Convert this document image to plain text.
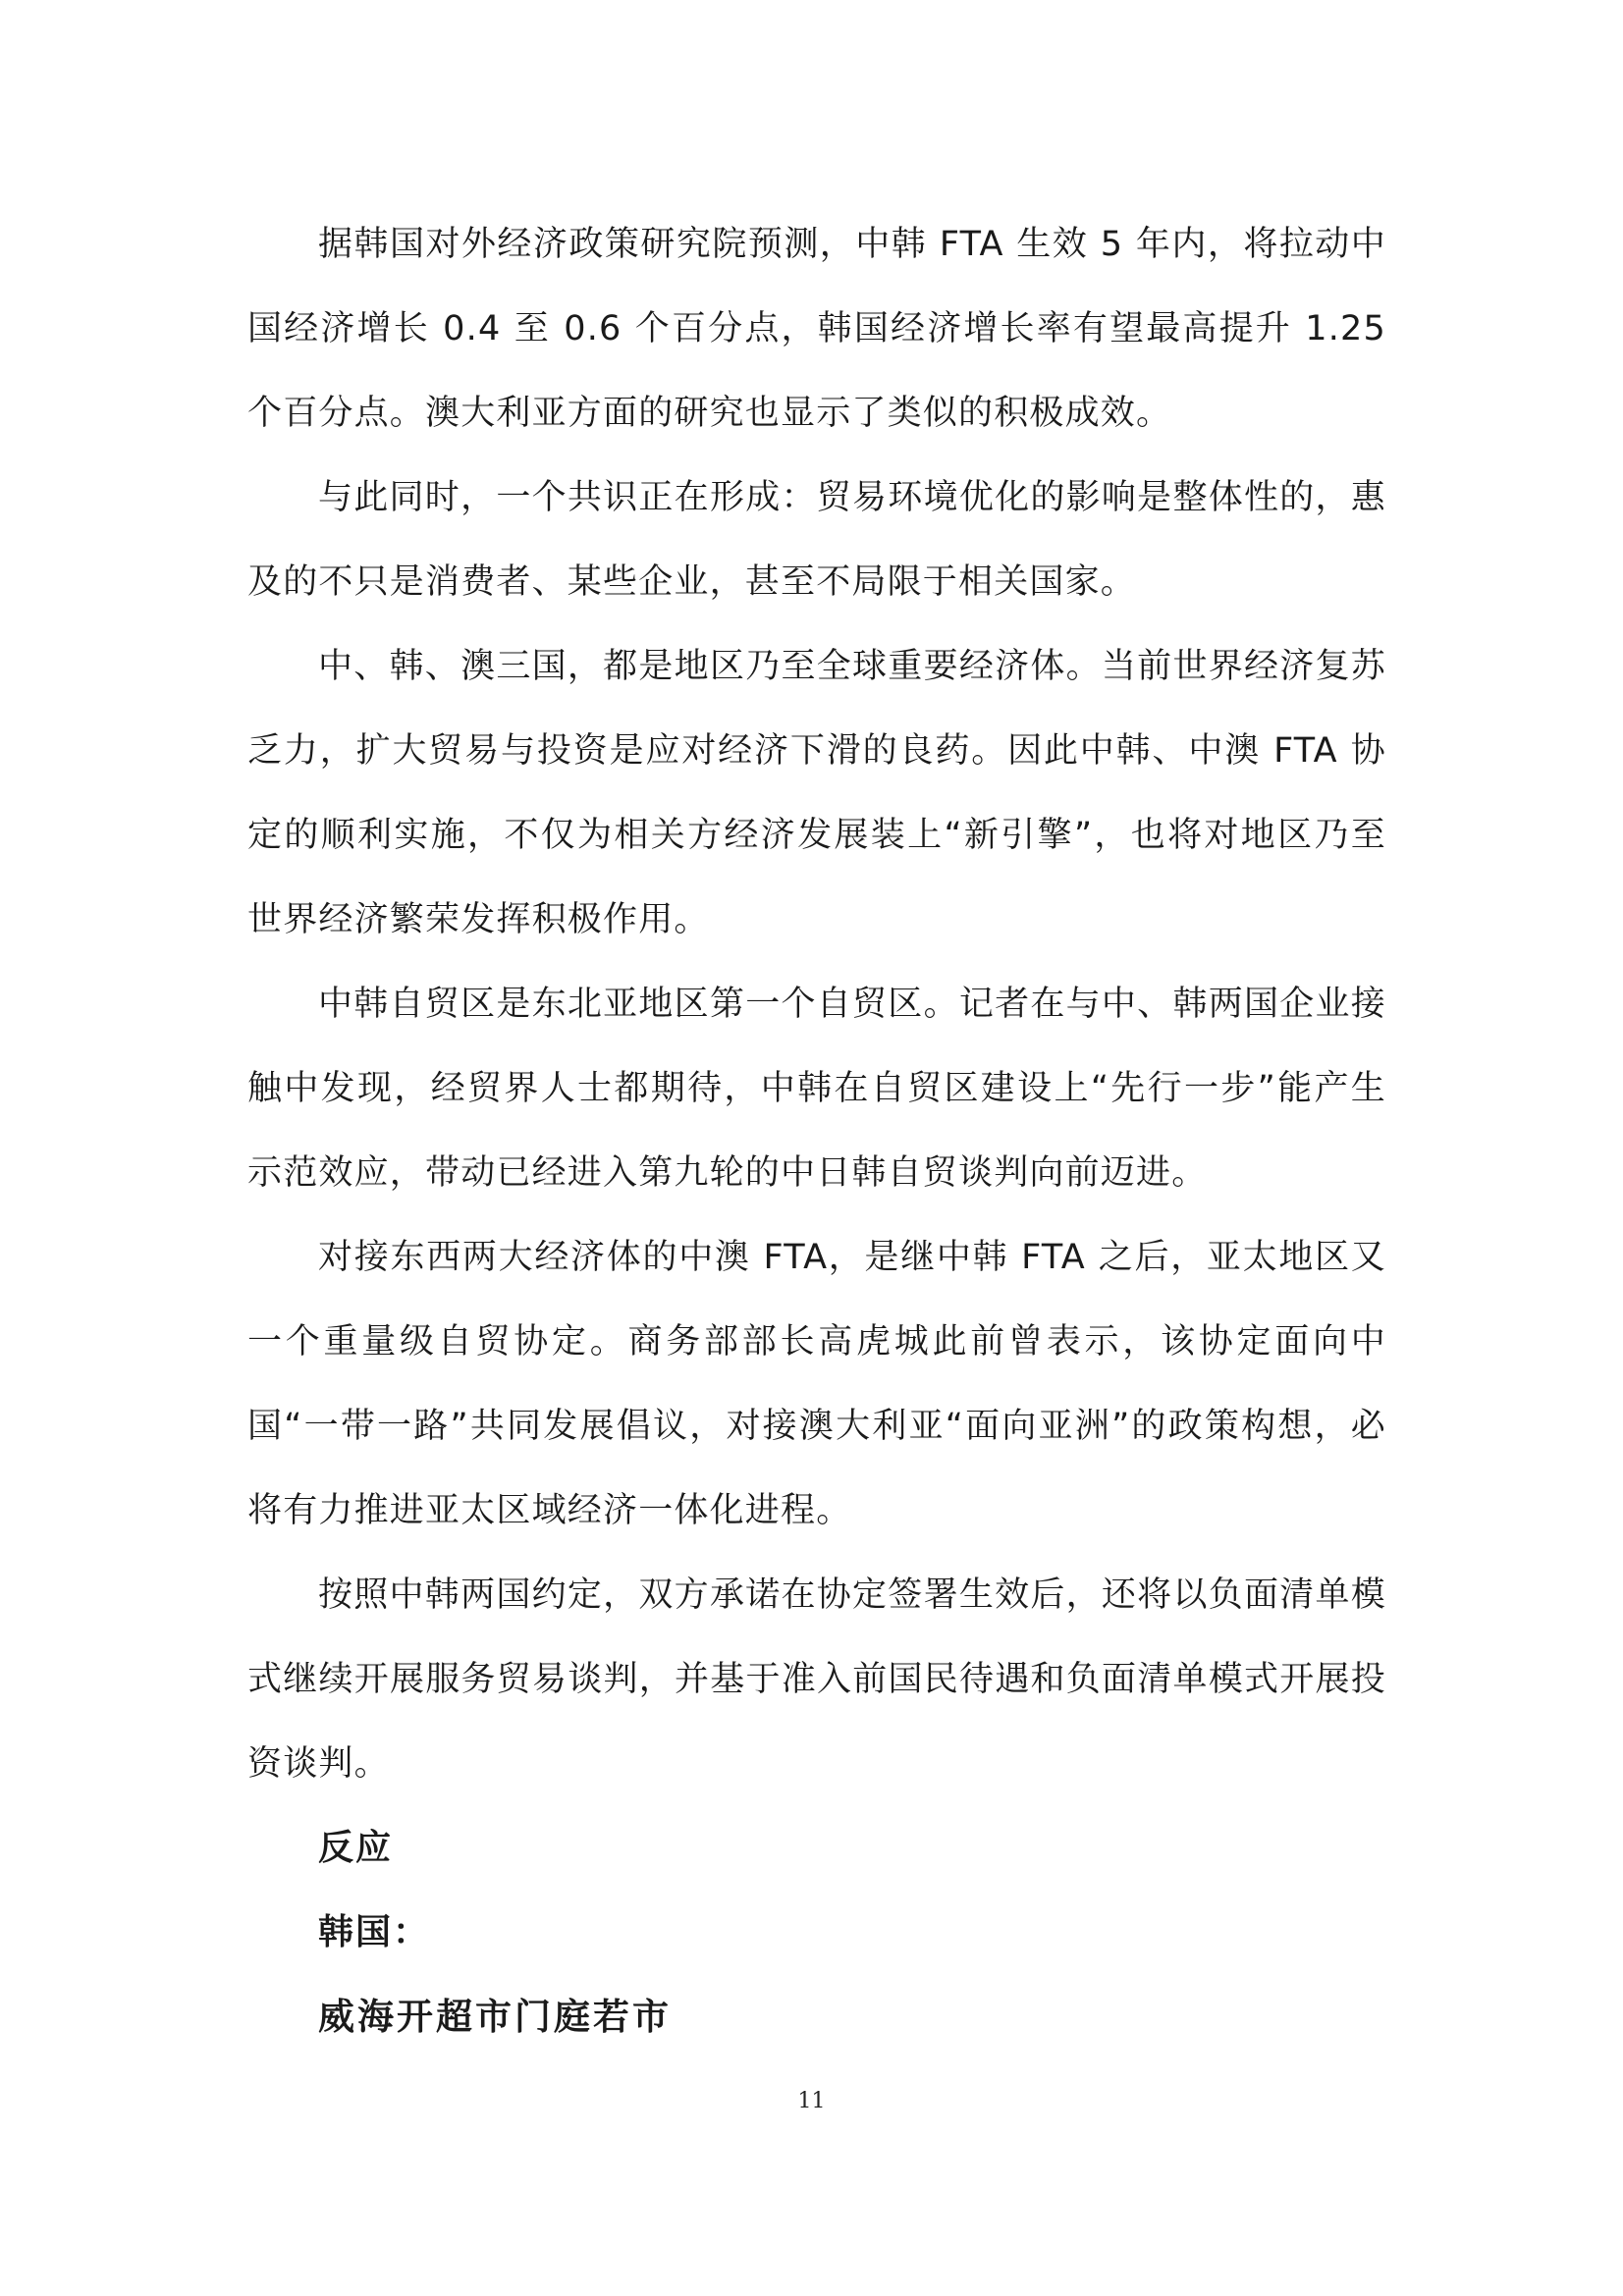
据韩国对外经济政策研究院预测，中韩 FTA 生效 5 年内，将拉动中国经济增长 0.4 至 0.6 个百分点，韩国经济增长率有望最高提升 1.25 个百分点。澳大利亚方面的研究也显示了类似的积极成效。

与此同时，一个共识正在形成：贸易环境优化的影响是整体性的，惠及的不只是消费者、某些企业，甚至不局限于相关国家。

中、韩、澳三国，都是地区乃至全球重要经济体。当前世界经济复苏乏力，扩大贸易与投资是应对经济下滑的良药。因此中韩、中澳 FTA 协定的顺利实施，不仅为相关方经济发展装上“新引擎”，也将对地区乃至世界经济繁荣发挥积极作用。

中韩自贸区是东北亚地区第一个自贸区。记者在与中、韩两国企业接触中发现，经贸界人士都期待，中韩在自贸区建设上“先行一步”能产生示范效应，带动已经进入第九轮的中日韩自贸谈判向前迈进。

对接东西两大经济体的中澳 FTA，是继中韩 FTA 之后，亚太地区又一个重量级自贸协定。商务部部长高虎城此前曾表示，该协定面向中国“一带一路”共同发展倡议，对接澳大利亚“面向亚洲”的政策构想，必将有力推进亚太区域经济一体化进程。

按照中韩两国约定，双方承诺在协定签署生效后，还将以负面清单模式继续开展服务贸易谈判，并基于准入前国民待遇和负面清单模式开展投资谈判。

反应

韩国：

威海开超市门庭若市

11
